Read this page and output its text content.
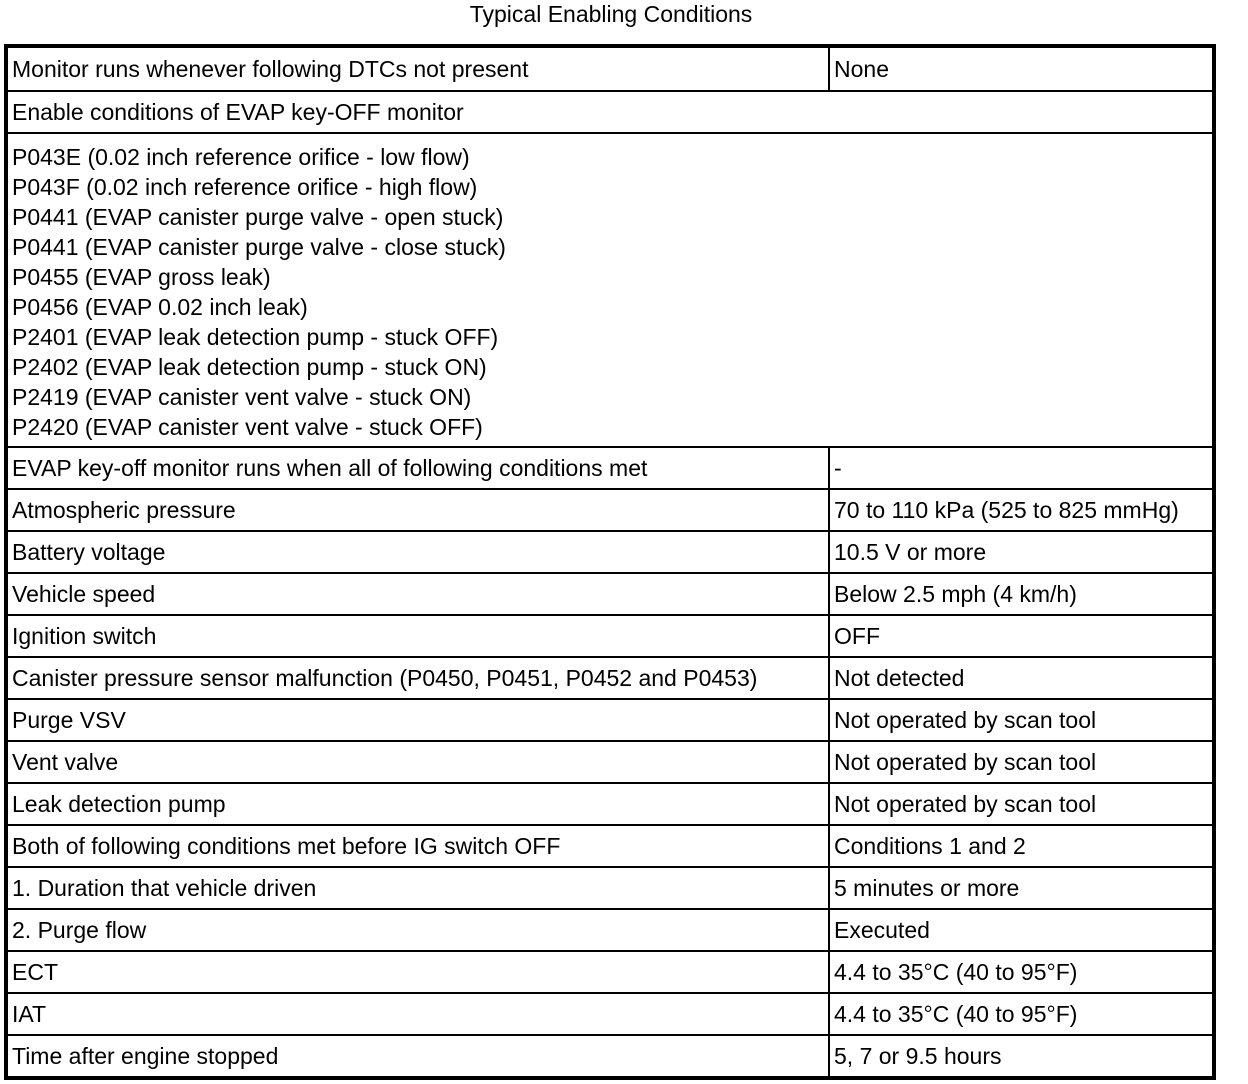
Typical Enabling Conditions
Monitor runs whenever following DTCs not present	None
Enable conditions of EVAP key-OFF monitor
P043E (0.02 inch reference orifice - low flow)
P043F (0.02 inch reference orifice - high flow)
P0441 (EVAP canister purge valve - open stuck)
P0441 (EVAP canister purge valve - close stuck)
P0455 (EVAP gross leak)
P0456 (EVAP 0.02 inch leak)
P2401 (EVAP leak detection pump - stuck OFF)
P2402 (EVAP leak detection pump - stuck ON)
P2419 (EVAP canister vent valve - stuck ON)
P2420 (EVAP canister vent valve - stuck OFF)
EVAP key-off monitor runs when all of following conditions met	-
Atmospheric pressure	70 to 110 kPa (525 to 825 mmHg)
Battery voltage	10.5 V or more
Vehicle speed	Below 2.5 mph (4 km/h)
Ignition switch	OFF
Canister pressure sensor malfunction (P0450, P0451, P0452 and P0453)	Not detected
Purge VSV	Not operated by scan tool
Vent valve	Not operated by scan tool
Leak detection pump	Not operated by scan tool
Both of following conditions met before IG switch OFF	Conditions 1 and 2
1. Duration that vehicle driven	5 minutes or more
2. Purge flow	Executed
ECT	4.4 to 35°C (40 to 95°F)
IAT	4.4 to 35°C (40 to 95°F)
Time after engine stopped	5, 7 or 9.5 hours
